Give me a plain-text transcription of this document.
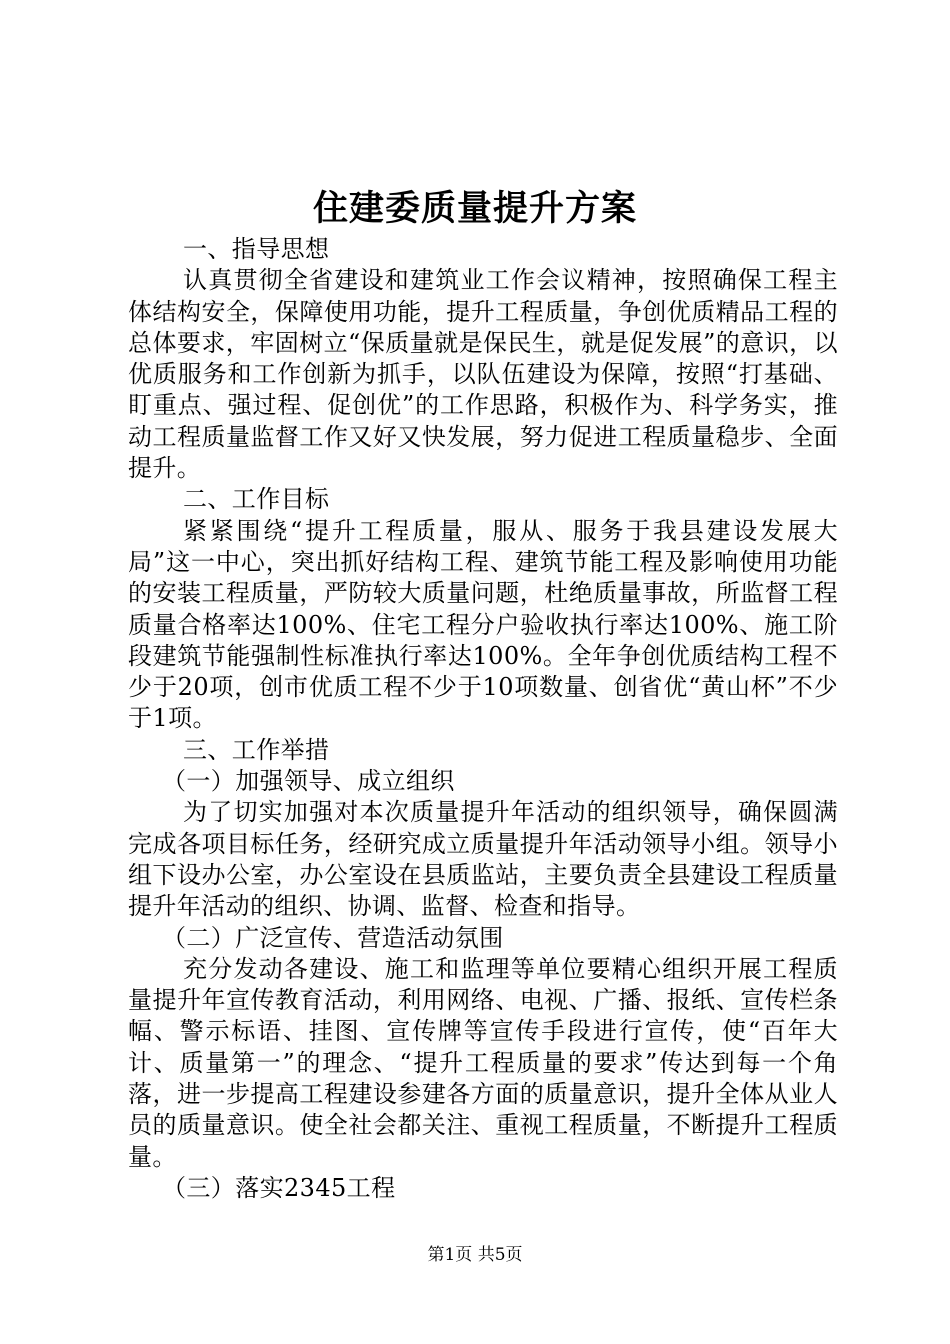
住建委质量提升方案

一、指导思想

认真贯彻全省建设和建筑业工作会议精神，按照确保工程主体结构安全，保障使用功能，提升工程质量，争创优质精品工程的总体要求，牢固树立“保质量就是保民生，就是促发展”的意识，以优质服务和工作创新为抓手，以队伍建设为保障，按照“打基础、盯重点、强过程、促创优”的工作思路，积极作为、科学务实，推动工程质量监督工作又好又快发展，努力促进工程质量稳步、全面提升。

二、工作目标

紧紧围绕“提升工程质量，服从、服务于我县建设发展大局”这一中心，突出抓好结构工程、建筑节能工程及影响使用功能的安装工程质量，严防较大质量问题，杜绝质量事故，所监督工程质量合格率达100%、住宅工程分户验收执行率达100%、施工阶段建筑节能强制性标准执行率达100%。全年争创优质结构工程不少于20项，创市优质工程不少于10项数量、创省优“黄山杯”不少于1项。

三、工作举措

（一）加强领导、成立组织

为了切实加强对本次质量提升年活动的组织领导，确保圆满完成各项目标任务，经研究成立质量提升年活动领导小组。领导小组下设办公室，办公室设在县质监站，主要负责全县建设工程质量提升年活动的组织、协调、监督、检查和指导。

（二）广泛宣传、营造活动氛围

充分发动各建设、施工和监理等单位要精心组织开展工程质量提升年宣传教育活动，利用网络、电视、广播、报纸、宣传栏条幅、警示标语、挂图、宣传牌等宣传手段进行宣传，使“百年大计、质量第一”的理念、“提升工程质量的要求”传达到每一个角落，进一步提高工程建设参建各方面的质量意识，提升全体从业人员的质量意识。使全社会都关注、重视工程质量，不断提升工程质量。

（三）落实2345工程

第1页 共5页
